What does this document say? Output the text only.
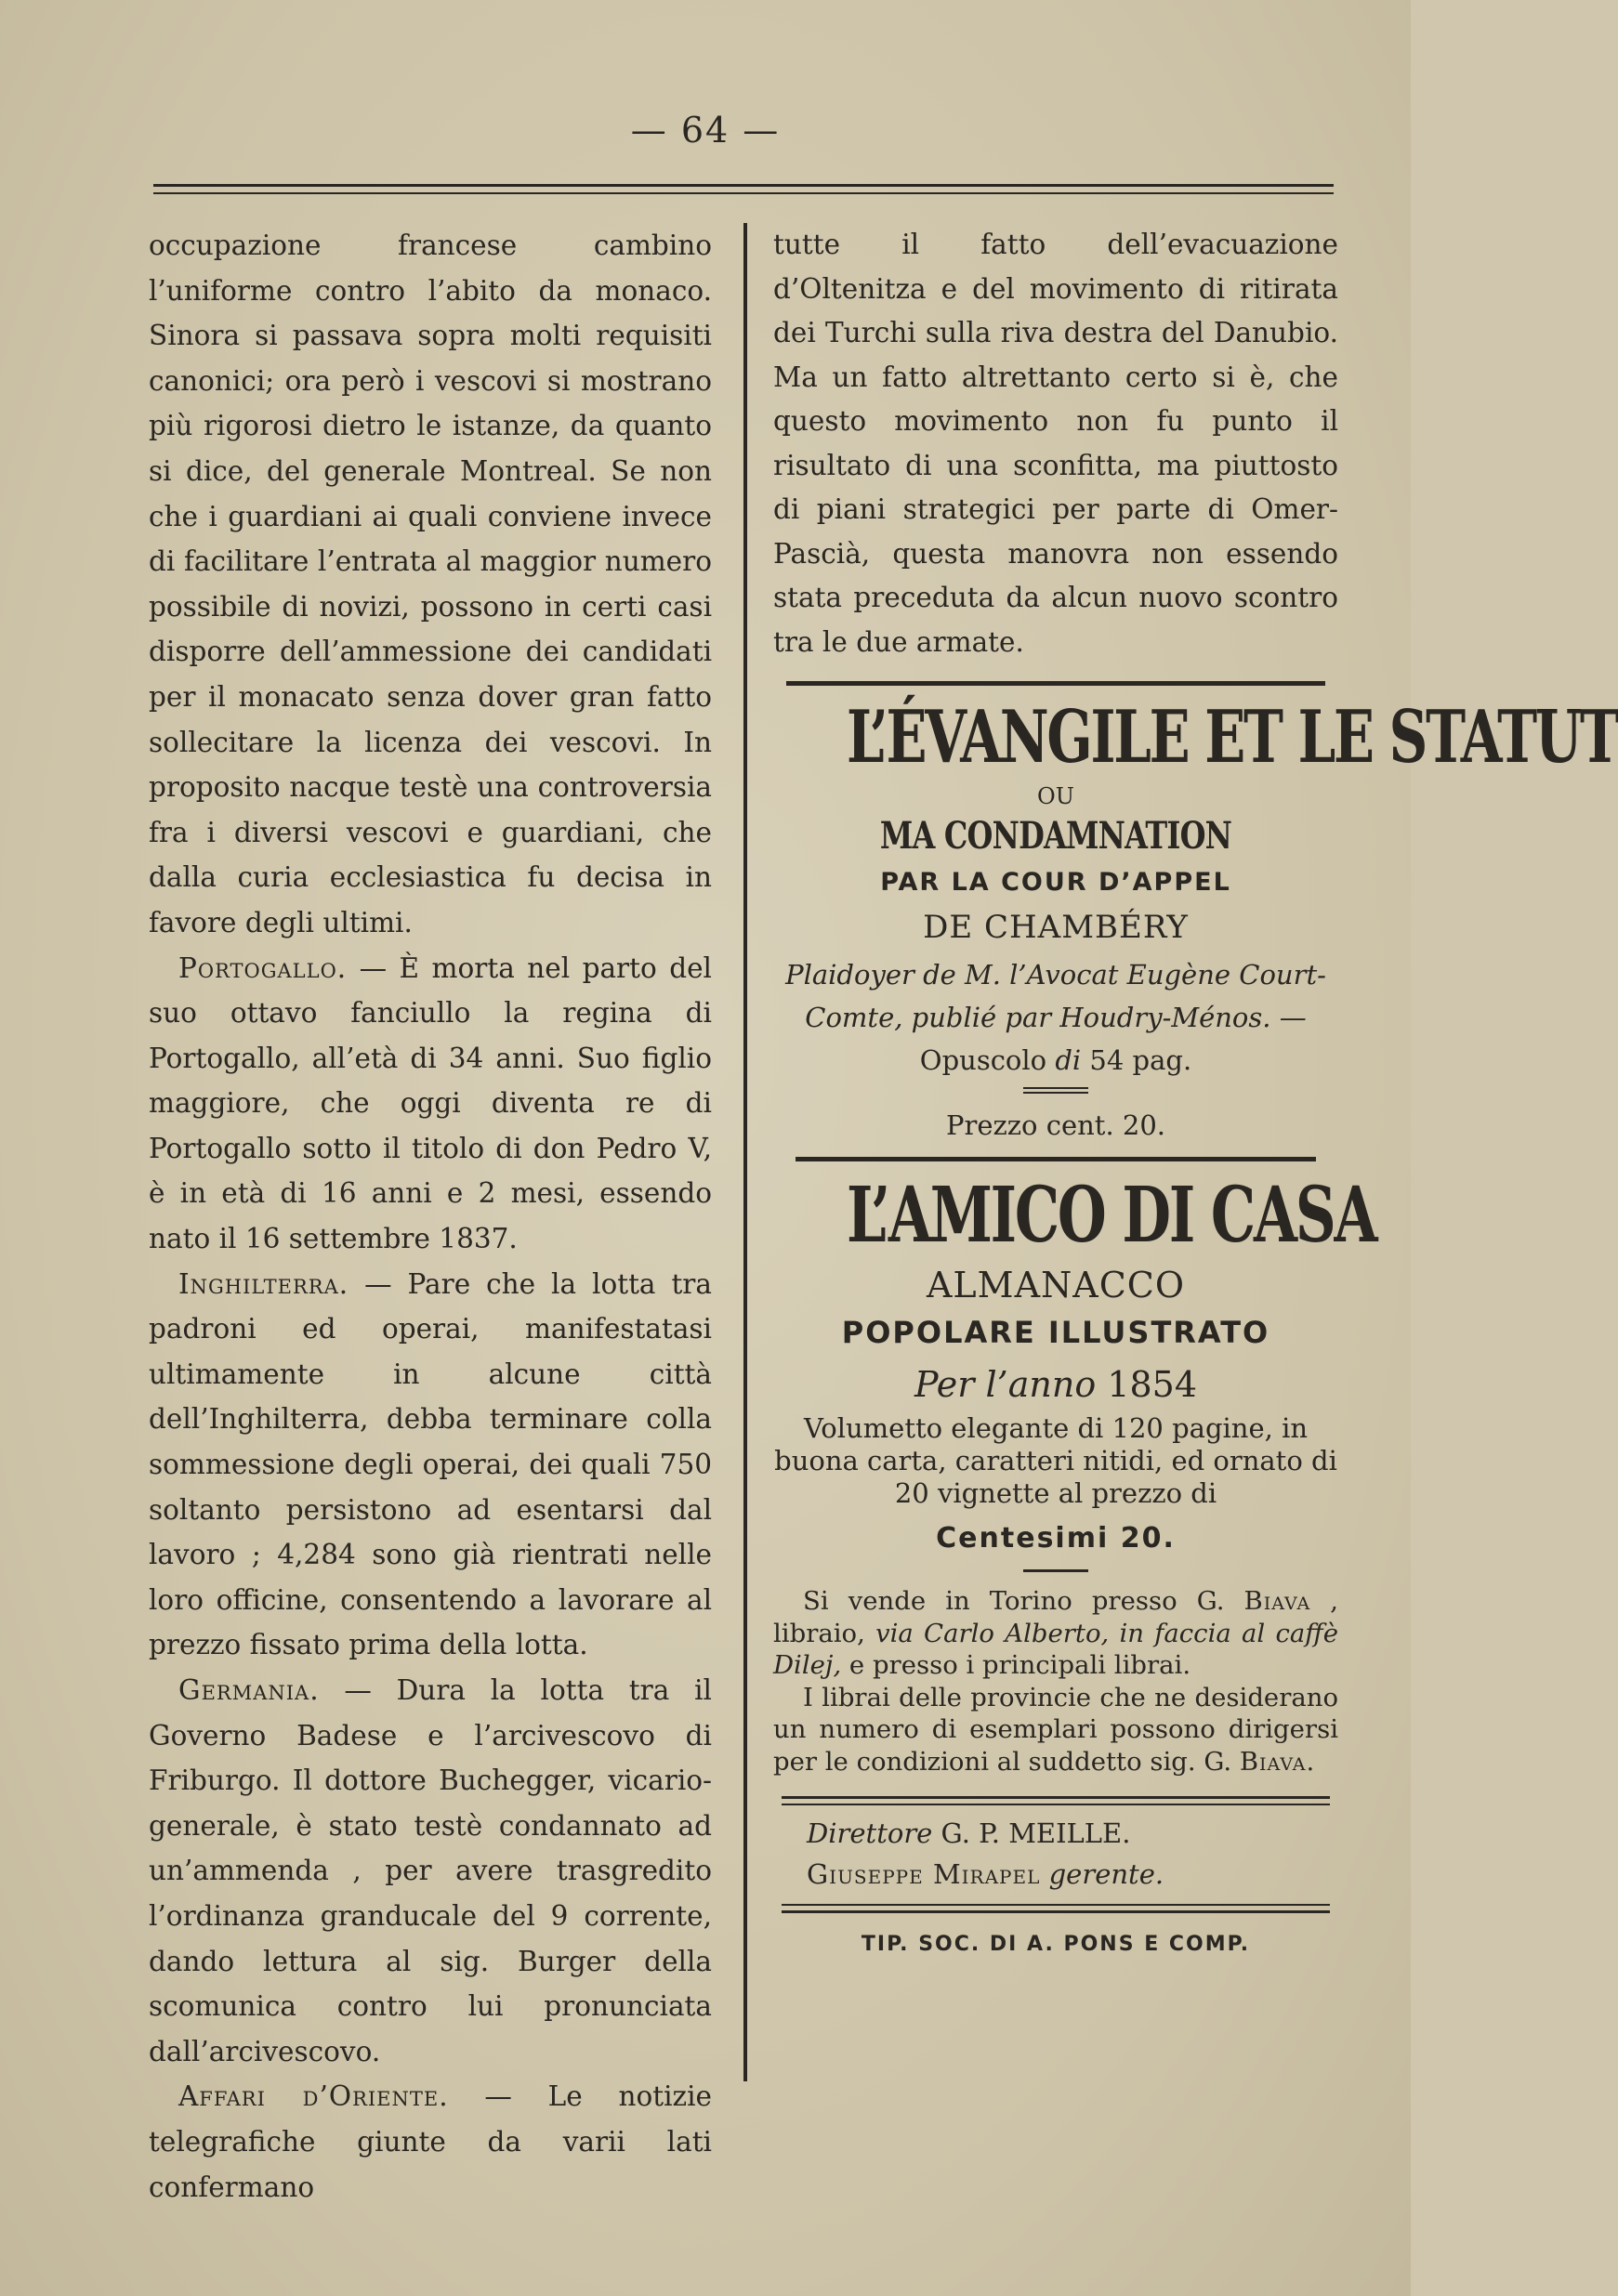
— 64 —

occupazione francese cambino l’uniforme contro l’abito da monaco. Sinora si passava sopra molti requisiti canonici; ora però i vescovi si mostrano più rigorosi dietro le istanze, da quanto si dice, del generale Montreal. Se non che i guardiani ai quali conviene invece di facilitare l’entrata al maggior numero possibile di novizi, possono in certi casi disporre dell’ammessione dei candidati per il monacato senza dover gran fatto sollecitare la licenza dei vescovi. In proposito nacque testè una controversia fra i diversi vescovi e guardiani, che dalla curia ecclesiastica fu decisa in favore degli ultimi.

Portogallo. — È morta nel parto del suo ottavo fanciullo la regina di Portogallo, all’età di 34 anni. Suo figlio maggiore, che oggi diventa re di Portogallo sotto il titolo di don Pedro V, è in età di 16 anni e 2 mesi, essendo nato il 16 settembre 1837.

Inghilterra. — Pare che la lotta tra padroni ed operai, manifestatasi ultimamente in alcune città dell’Inghilterra, debba terminare colla sommessione degli operai, dei quali 750 soltanto persistono ad esentarsi dal lavoro ; 4,284 sono già rientrati nelle loro officine, consentendo a lavorare al prezzo fissato prima della lotta.

Germania. — Dura la lotta tra il Governo Badese e l’arcivescovo di Friburgo. Il dottore Buchegger, vicario-generale, è stato testè condannato ad un’ammenda , per avere trasgredito l’ordinanza granducale del 9 corrente, dando lettura al sig. Burger della scomunica contro lui pronunciata dall’arcivescovo.

Affari d’Oriente. — Le notizie telegrafiche giunte da varii lati confermano

tutte il fatto dell’evacuazione d’Oltenitza e del movimento di ritirata dei Turchi sulla riva destra del Danubio. Ma un fatto altrettanto certo si è, che questo movimento non fu punto il risultato di una sconfitta, ma piuttosto di piani strategici per parte di Omer-Pascià, questa manovra non essendo stata preceduta da alcun nuovo scontro tra le due armate.

L’ÉVANGILE ET LE STATUT
OU
MA CONDAMNATION
PAR LA COUR D’APPEL
DE CHAMBÉRY
Plaidoyer de M. l’Avocat Eugène Court-Comte, publié par Houdry-Ménos. —
Opuscolo di 54 pag.
Prezzo cent. 20.
L’AMICO DI CASA
ALMANACCO
POPOLARE ILLUSTRATO
Per l’anno 1854

Volumetto elegante di 120 pagine, in buona carta, caratteri nitidi, ed ornato di 20 vignette al prezzo di

Centesimi 20.

Si vende in Torino presso G. Biava , libraio, via Carlo Alberto, in faccia al caffè Dilej, e presso i principali librai.

I librai delle provincie che ne desiderano un numero di esemplari possono dirigersi per le condizioni al suddetto sig. G. Biava.

Direttore G. P. MEILLE.
Giuseppe Mirapel gerente.
TIP. SOC. DI A. PONS E COMP.
